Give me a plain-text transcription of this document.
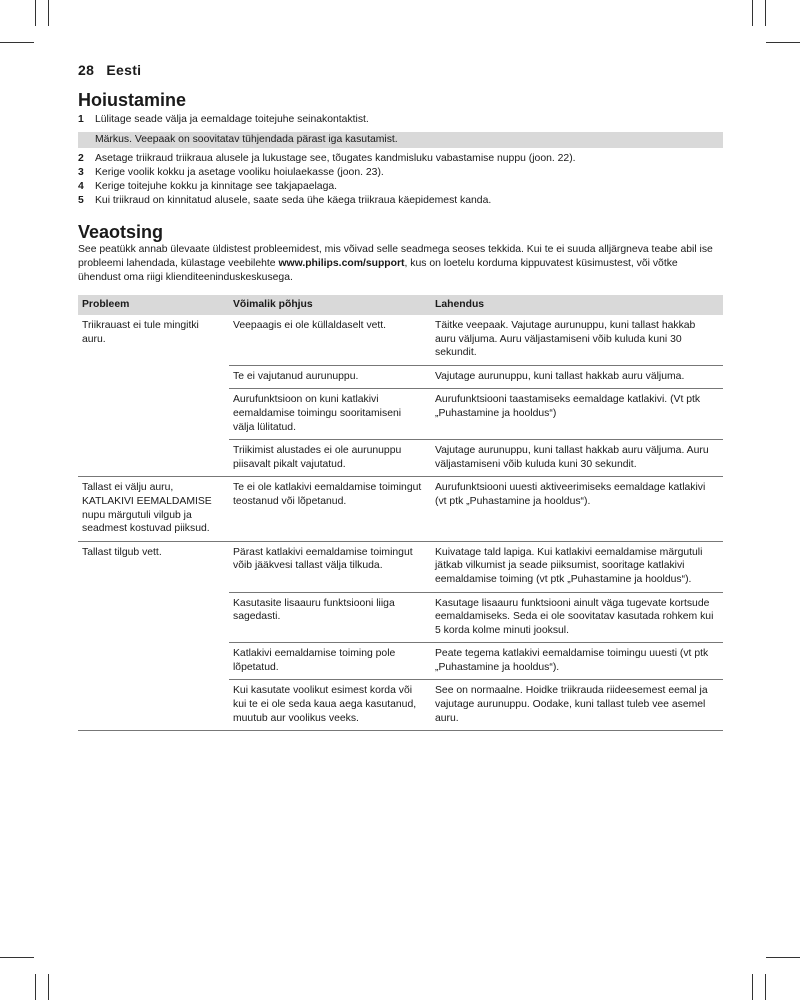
28 Eesti
Hoiustamine
1	Lülitage seade välja ja eemaldage toitejuhe seinakontaktist.
Märkus. Veepaak on soovitatav tühjendada pärast iga kasutamist.
2	Asetage triikraud triikraua alusele ja lukustage see, tõugates kandmisluku vabastamise nuppu (joon. 22).
3	Kerige voolik kokku ja asetage vooliku hoiulaekasse (joon. 23).
4	Kerige toitejuhe kokku ja kinnitage see takjapaelaga.
5	Kui triikraud on kinnitatud alusele, saate seda ühe käega triikraua käepidemest kanda.
Veaotsing
See peatükk annab ülevaate üldistest probleemidest, mis võivad selle seadmega seoses tekkida. Kui te ei suuda alljärgneva teabe abil ise probleemi lahendada, külastage veebilehte www.philips.com/support, kus on loetelu korduma kippuvatest küsimustest, või võtke ühendust oma riigi klienditeeninduskeskusega.
Probleem	Võimalik põhjus	Lahendus
Triikrauast ei tule mingitki auru.	Veepaagis ei ole küllaldaselt vett.	Täitke veepaak. Vajutage aurunuppu, kuni tallast hakkab auru väljuma. Auru väljastamiseni võib kuluda kuni 30 sekundit.
	Te ei vajutanud aurunuppu.	Vajutage aurunuppu, kuni tallast hakkab auru väljuma.
	Aurufunktsioon on kuni katlakivi eemaldamise toimingu sooritamiseni välja lülitatud.	Aurufunktsiooni taastamiseks eemaldage katlakivi. (Vt ptk „Puhastamine ja hooldus“)
	Triikimist alustades ei ole aurunuppu piisavalt pikalt vajutatud.	Vajutage aurunuppu, kuni tallast hakkab auru väljuma. Auru väljastamiseni võib kuluda kuni 30 sekundit.
Tallast ei välju auru, KATLAKIVI EEMALDAMISE nupu märgutuli vilgub ja seadmest kostuvad piiksud.	Te ei ole katlakivi eemaldamise toimingut teostanud või lõpetanud.	Aurufunktsiooni uuesti aktiveerimiseks eemaldage katlakivi (vt ptk „Puhastamine ja hooldus“).
Tallast tilgub vett.	Pärast katlakivi eemaldamise toimingut võib jääkvesi tallast välja tilkuda.	Kuivatage tald lapiga. Kui katlakivi eemaldamise märgutuli jätkab vilkumist ja seade piiksumist, sooritage katlakivi eemaldamise toiming (vt ptk „Puhastamine ja hooldus“).
	Kasutasite lisaauru funktsiooni liiga sagedasti.	Kasutage lisaauru funktsiooni ainult väga tugevate kortsude eemaldamiseks. Seda ei ole soovitatav kasutada rohkem kui 5 korda kolme minuti jooksul.
	Katlakivi eemaldamise toiming pole lõpetatud.	Peate tegema katlakivi eemaldamise toimingu uuesti (vt ptk „Puhastamine ja hooldus“).
	Kui kasutate voolikut esimest korda või kui te ei ole seda kaua aega kasutanud, muutub aur voolikus veeks.	See on normaalne. Hoidke triikrauda riideesemest eemal ja vajutage aurunuppu. Oodake, kuni tallast tuleb vee asemel auru.
